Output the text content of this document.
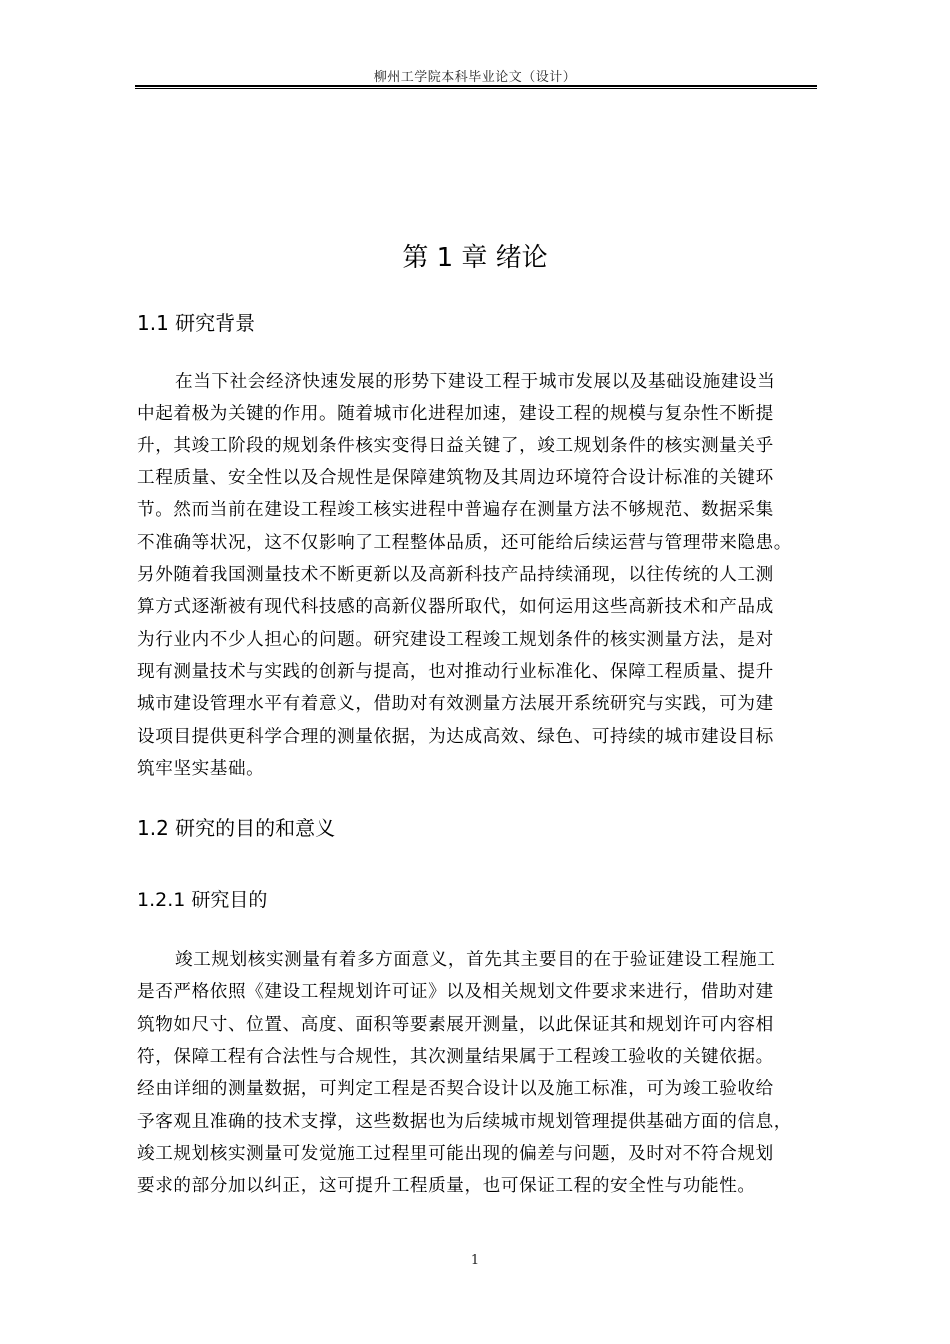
柳州工学院本科毕业论文（设计）
第 1 章 绪论
1.1 研究背景
在当下社会经济快速发展的形势下建设工程于城市发展以及基础设施建设当
中起着极为关键的作用。随着城市化进程加速，建设工程的规模与复杂性不断提
升，其竣工阶段的规划条件核实变得日益关键了，竣工规划条件的核实测量关乎
工程质量、安全性以及合规性是保障建筑物及其周边环境符合设计标准的关键环
节。然而当前在建设工程竣工核实进程中普遍存在测量方法不够规范、数据采集
不准确等状况，这不仅影响了工程整体品质，还可能给后续运营与管理带来隐患。
另外随着我国测量技术不断更新以及高新科技产品持续涌现，以往传统的人工测
算方式逐渐被有现代科技感的高新仪器所取代，如何运用这些高新技术和产品成
为行业内不少人担心的问题。研究建设工程竣工规划条件的核实测量方法，是对
现有测量技术与实践的创新与提高，也对推动行业标准化、保障工程质量、提升
城市建设管理水平有着意义，借助对有效测量方法展开系统研究与实践，可为建
设项目提供更科学合理的测量依据，为达成高效、绿色、可持续的城市建设目标
筑牢坚实基础。
1.2 研究的目的和意义
1.2.1 研究目的
竣工规划核实测量有着多方面意义，首先其主要目的在于验证建设工程施工
是否严格依照《建设工程规划许可证》以及相关规划文件要求来进行，借助对建
筑物如尺寸、位置、高度、面积等要素展开测量，以此保证其和规划许可内容相
符，保障工程有合法性与合规性，其次测量结果属于工程竣工验收的关键依据。
经由详细的测量数据，可判定工程是否契合设计以及施工标准，可为竣工验收给
予客观且准确的技术支撑，这些数据也为后续城市规划管理提供基础方面的信息，
竣工规划核实测量可发觉施工过程里可能出现的偏差与问题，及时对不符合规划
要求的部分加以纠正，这可提升工程质量，也可保证工程的安全性与功能性。
1
